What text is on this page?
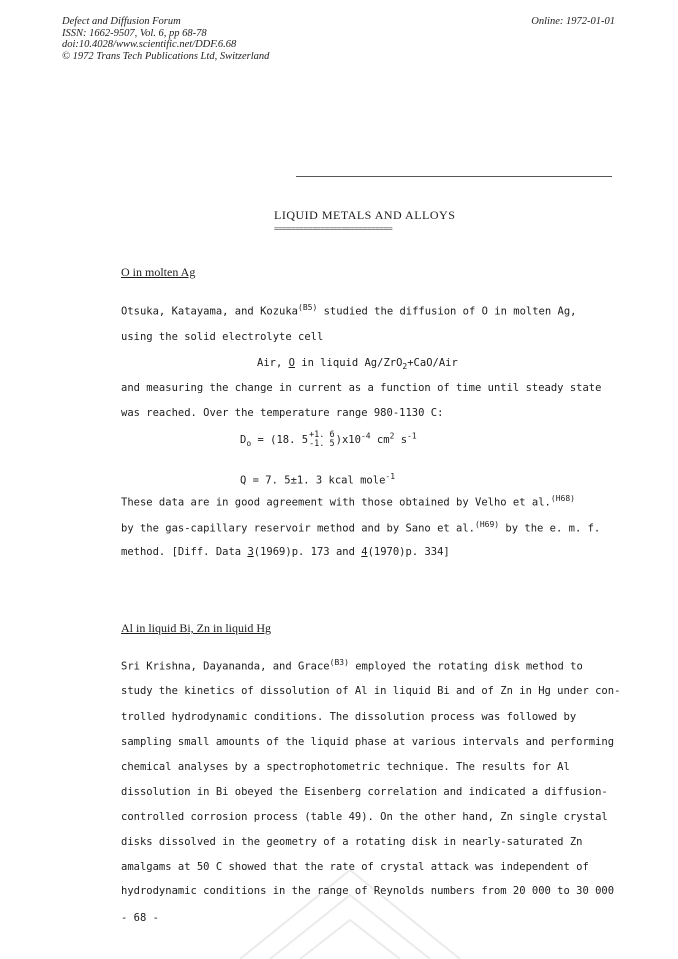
Defect and Diffusion Forum
ISSN: 1662-9507, Vol. 6, pp 68-78
doi:10.4028/www.scientific.net/DDF.6.68
© 1972 Trans Tech Publications Ltd, Switzerland
Online: 1972-01-01
LIQUID METALS AND ALLOYS
============================
O in molten Ag
Otsuka, Katayama, and Kozuka$^{(B5)}$ studied the diffusion of O in molten Ag,
using the solid electrolyte cell
Air, O in liquid Ag/ZrO$_2$+CaO/Air
and measuring the change in current as a function of time until steady state
was reached. Over the temperature range 980-1130 C:
$D_o = (18$. 5 +1. 6
-1. 5 )$x10^{-4}$ $cm^2$ $s^{-1}$
Q = 7. 5±1. 3 kcal mole$^{-1}$
These data are in good agreement with those obtained by Velho et al.$^{(H68)}$
by the gas-capillary reservoir method and by Sano et al.$^{(H69)}$ by the e. m. f.
method. [Diff. Data 3(1969)p. 173 and 4(1970)p. 334]
Al in liquid Bi, Zn in liquid Hg
Sri Krishna, Dayananda, and Grace$^{(B3)}$ employed the rotating disk method to
study the kinetics of dissolution of Al in liquid Bi and of Zn in Hg under con-
trolled hydrodynamic conditions. The dissolution process was followed by
sampling small amounts of the liquid phase at various intervals and performing
chemical analyses by a spectrophotometric technique. The results for Al
dissolution in Bi obeyed the Eisenberg correlation and indicated a diffusion-
controlled corrosion process (table 49). On the other hand, Zn single crystal
disks dissolved in the geometry of a rotating disk in nearly-saturated Zn
amalgams at 50 C showed that the rate of crystal attack was independent of
hydrodynamic conditions in the range of Reynolds numbers from 20 000 to 30 000
- 68 -
